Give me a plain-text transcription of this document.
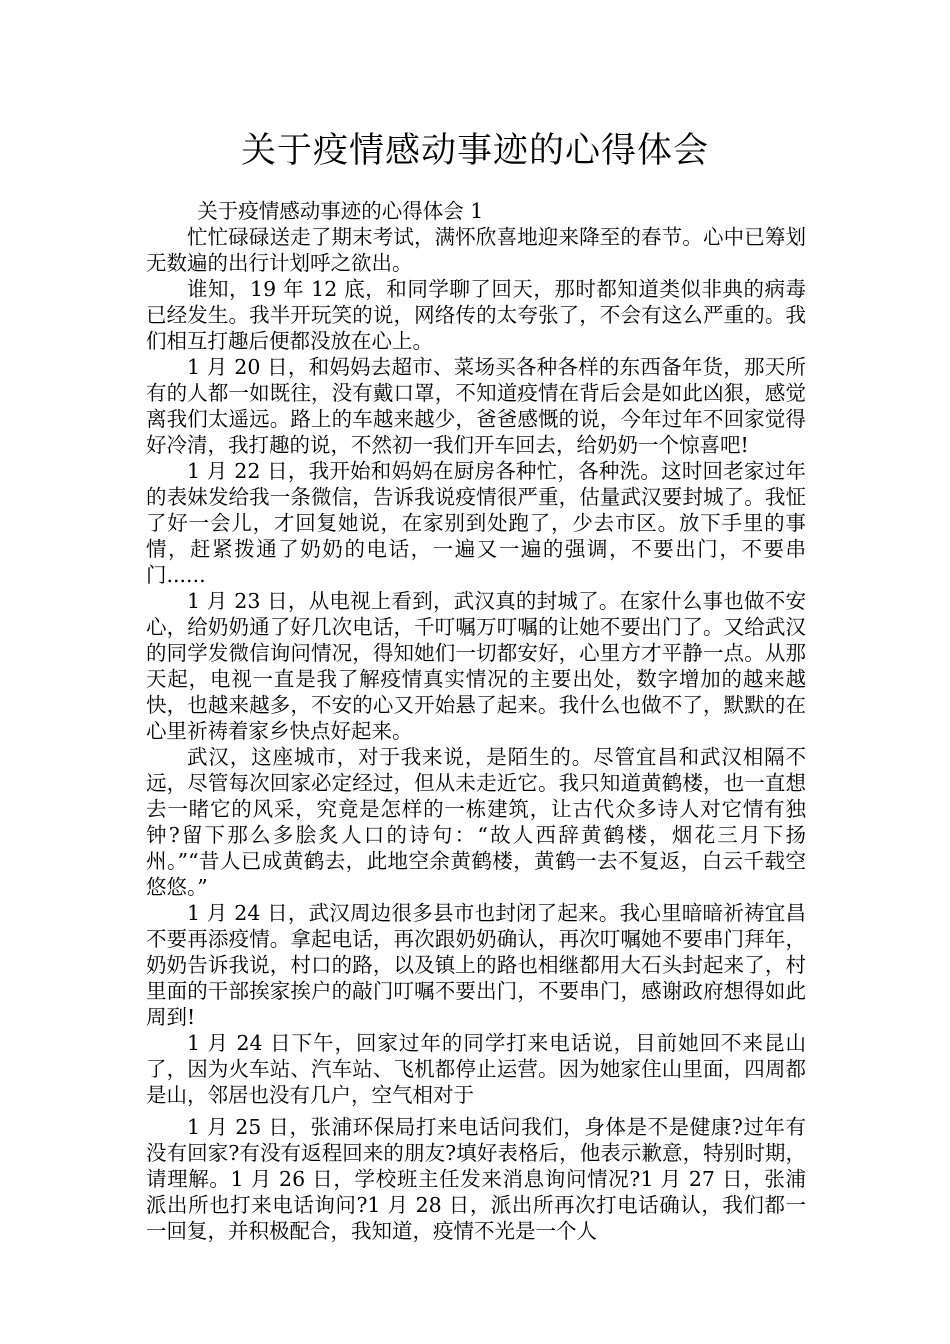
关于疫情感动事迹的心得体会

关于疫情感动事迹的心得体会 1

忙忙碌碌送走了期末考试，满怀欣喜地迎来降至的春节。心中已筹划无数遍的出行计划呼之欲出。

谁知，19 年 12 底，和同学聊了回天，那时都知道类似非典的病毒已经发生。我半开玩笑的说，网络传的太夸张了，不会有这么严重的。我们相互打趣后便都没放在心上。

1 月 20 日，和妈妈去超市、菜场买各种各样的东西备年货，那天所有的人都一如既往，没有戴口罩，不知道疫情在背后会是如此凶狠，感觉离我们太遥远。路上的车越来越少，爸爸感慨的说，今年过年不回家觉得好冷清，我打趣的说，不然初一我们开车回去，给奶奶一个惊喜吧!

1 月 22 日，我开始和妈妈在厨房各种忙，各种洗。这时回老家过年的表妹发给我一条微信，告诉我说疫情很严重，估量武汉要封城了。我怔了好一会儿，才回复她说，在家别到处跑了，少去市区。放下手里的事情，赶紧拨通了奶奶的电话，一遍又一遍的强调，不要出门，不要串门......

1 月 23 日，从电视上看到，武汉真的封城了。在家什么事也做不安心，给奶奶通了好几次电话，千叮嘱万叮嘱的让她不要出门了。又给武汉的同学发微信询问情况，得知她们一切都安好，心里方才平静一点。从那天起，电视一直是我了解疫情真实情况的主要出处，数字增加的越来越快，也越来越多，不安的心又开始悬了起来。我什么也做不了，默默的在心里祈祷着家乡快点好起来。

武汉，这座城市，对于我来说，是陌生的。尽管宜昌和武汉相隔不远，尽管每次回家必定经过，但从未走近它。我只知道黄鹤楼，也一直想去一睹它的风采，究竟是怎样的一栋建筑，让古代众多诗人对它情有独钟?留下那么多脍炙人口的诗句：“故人西辞黄鹤楼，烟花三月下扬州。”“昔人已成黄鹤去，此地空余黄鹤楼，黄鹤一去不复返，白云千载空悠悠。”

1 月 24 日，武汉周边很多县市也封闭了起来。我心里暗暗祈祷宜昌不要再添疫情。拿起电话，再次跟奶奶确认，再次叮嘱她不要串门拜年，奶奶告诉我说，村口的路，以及镇上的路也相继都用大石头封起来了，村里面的干部挨家挨户的敲门叮嘱不要出门，不要串门，感谢政府想得如此周到!

1 月 24 日下午，回家过年的同学打来电话说，目前她回不来昆山了，因为火车站、汽车站、飞机都停止运营。因为她家住山里面，四周都是山，邻居也没有几户，空气相对于

1 月 25 日，张浦环保局打来电话问我们，身体是不是健康?过年有没有回家?有没有返程回来的朋友?填好表格后，他表示歉意，特别时期，请理解。1 月 26 日，学校班主任发来消息询问情况?1 月 27 日，张浦派出所也打来电话询问?1 月 28 日，派出所再次打电话确认，我们都一一回复，并积极配合，我知道，疫情不光是一个人
